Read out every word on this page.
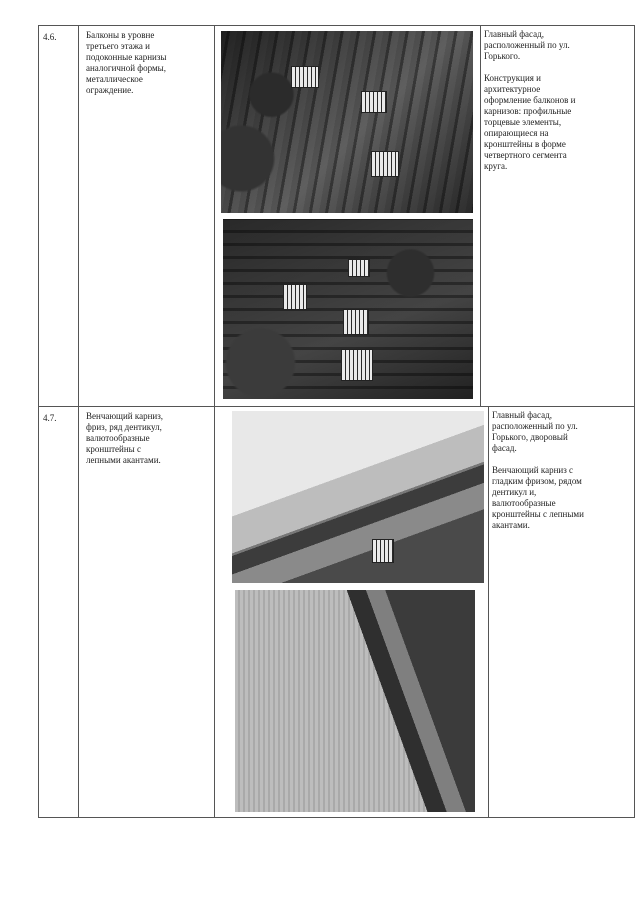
4.6.	Балконы в уровне
третьего этажа и
подоконные карнизы
аналогичной формы,
металлическое
ограждение.
Главный фасад,
расположенный по ул.
Горького.

Конструкция и
архитектурное
оформление балконов и
карнизов: профильные
торцевые элементы,
опирающиеся на
кронштейны в форме
четвертного сегмента
круга.
4.7.	Венчающий карниз,
фриз, ряд дентикул,
валютообразные
кронштейны с
лепными акантами.
Главный фасад,
расположенный по ул.
Горького, дворовый
фасад.

Венчающий карниз с
гладким фризом, рядом
дентикул и,
валютообразные
кронштейны с лепными
акантами.
